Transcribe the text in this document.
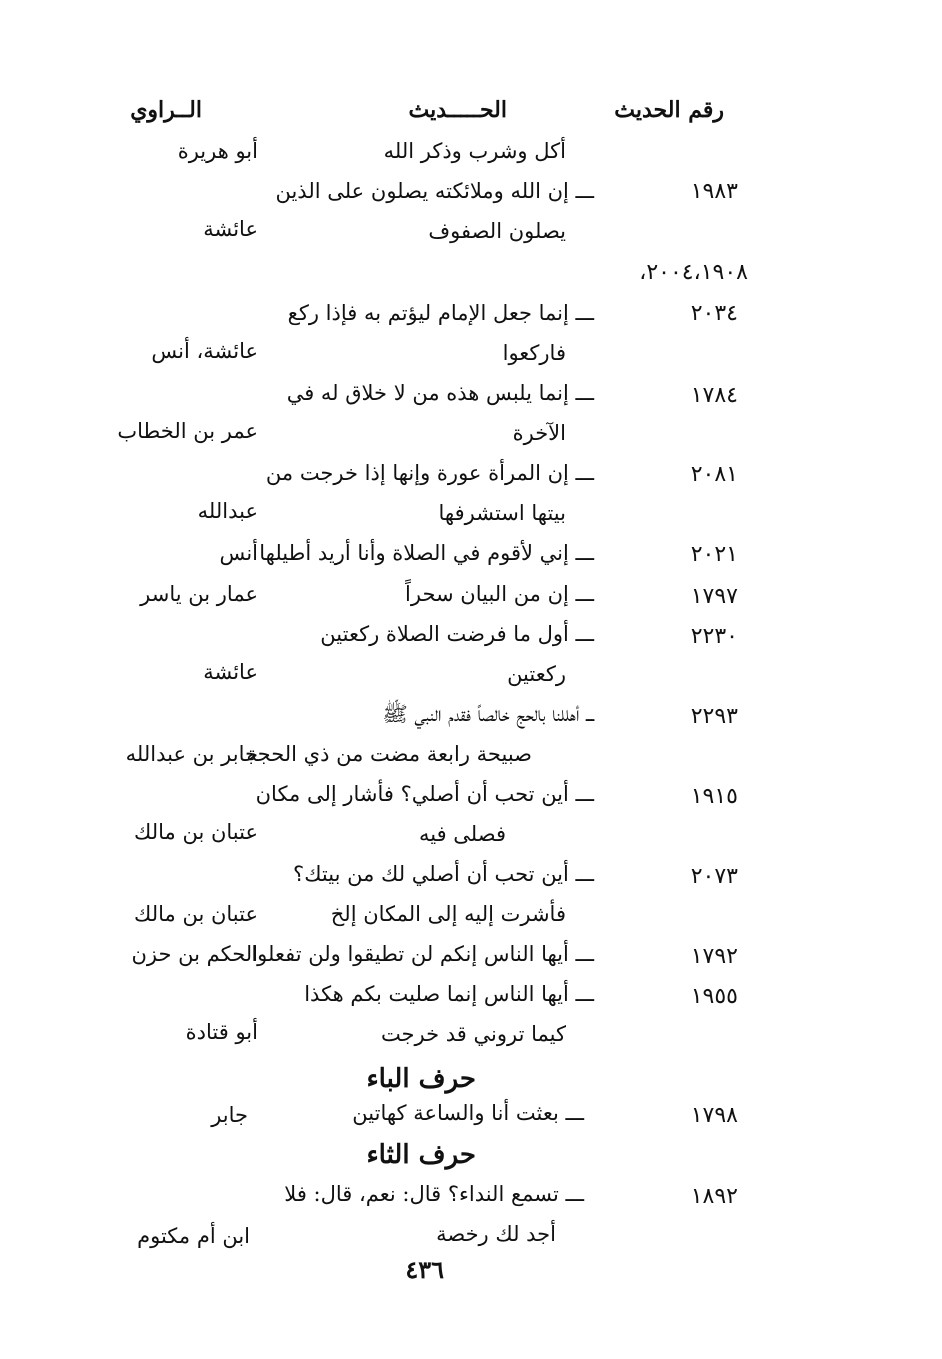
رقم الحديث
الحـــــديث
الــراوي
أكل وشرب وذكر الله
أبو هريرة
١٩٨٣
ـــ إن الله وملائكته يصلون على الذين
يصلون الصفوف
عائشة
٢٠٠٤،١٩٠٨،
٢٠٣٤
ـــ إنما جعل الإمام ليؤتم به فإذا ركع
فاركعوا
عائشة، أنس
١٧٨٤
ـــ إنما يلبس هذه من لا خلاق له في
الآخرة
عمر بن الخطاب
٢٠٨١
ـــ إن المرأة عورة وإنها إذا خرجت من
بيتها استشرفها
عبدالله
٢٠٢١
ـــ إني لأقوم في الصلاة وأنا أريد أطيلها
أنس
١٧٩٧
ـــ إن من البيان سحراً
عمار بن ياسر
٢٢٣٠
ـــ أول ما فرضت الصلاة ركعتين
ركعتين
عائشة
٢٢٩٣
ـــ أهللنا بالحج خالصاً فقدم النبي ﷺ
صبيحة رابعة مضت من ذي الحجة
جابر بن عبدالله
١٩١٥
ـــ أين تحب أن أصلي؟ فأشار إلى مكان
فصلى فيه
عتبان بن مالك
٢٠٧٣
ـــ أين تحب أن أصلي لك من بيتك؟
فأشرت إليه إلى المكان إلخ
عتبان بن مالك
١٧٩٢
ـــ أيها الناس إنكم لن تطيقوا ولن تفعلوا
الحكم بن حزن
١٩٥٥
ـــ أيها الناس إنما صليت بكم هكذا
كيما تروني قد خرجت
أبو قتادة
حرف الباء
١٧٩٨
ـــ بعثت أنا والساعة كهاتين
جابر
حرف الثاء
١٨٩٢
ـــ تسمع النداء؟ قال: نعم، قال: فلا
أجد لك رخصة
ابن أم مكتوم
٤٣٦
